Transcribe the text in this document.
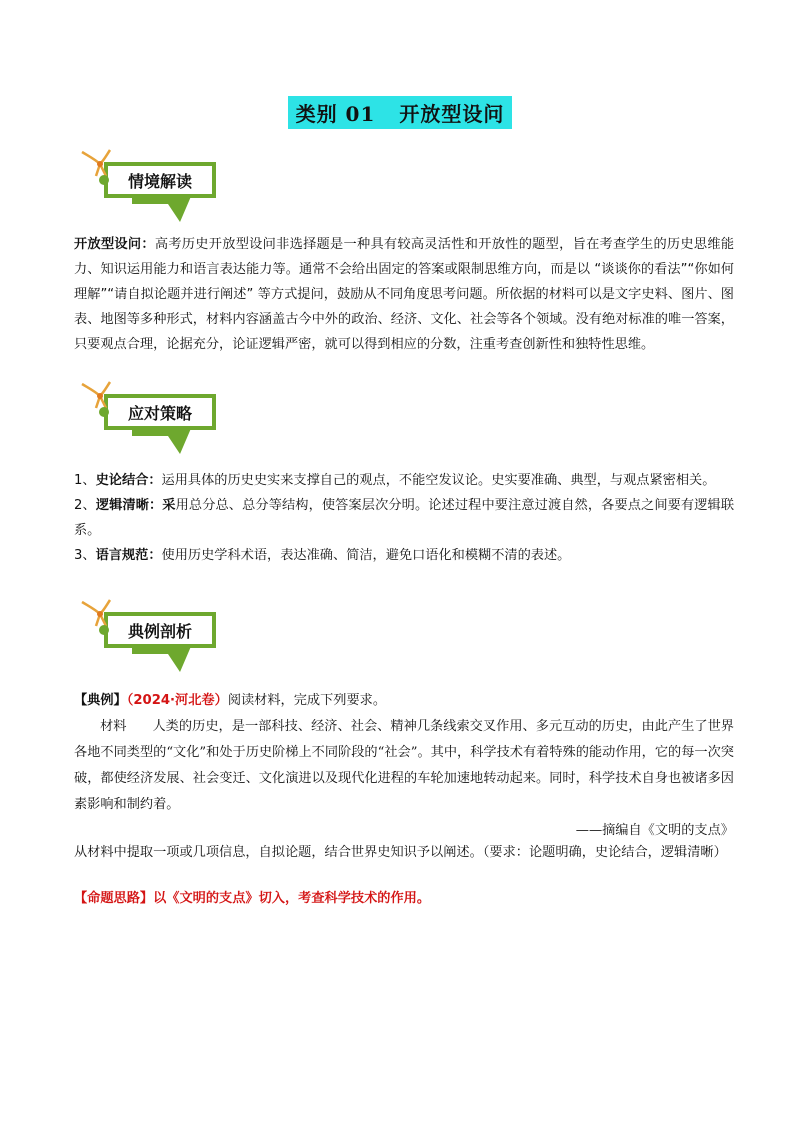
类别 01 开放型设问
情境解读
开放型设问：高考历史开放型设问非选择题是一种具有较高灵活性和开放性的题型，旨在考查学生的历史思维能力、知识运用能力和语言表达能力等。通常不会给出固定的答案或限制思维方向，而是以 “谈谈你的看法”“你如何理解”“请自拟论题并进行阐述” 等方式提问，鼓励从不同角度思考问题。所依据的材料可以是文字史料、图片、图表、地图等多种形式，材料内容涵盖古今中外的政治、经济、文化、社会等各个领域。没有绝对标准的唯一答案，只要观点合理，论据充分，论证逻辑严密，就可以得到相应的分数，注重考查创新性和独特性思维。
应对策略
1、史论结合：运用具体的历史史实来支撑自己的观点，不能空发议论。史实要准确、典型，与观点紧密相关。
2、逻辑清晰：采用总分总、总分等结构，使答案层次分明。论述过程中要注意过渡自然，各要点之间要有逻辑联系。
3、语言规范：使用历史学科术语，表达准确、简洁，避免口语化和模糊不清的表述。
典例剖析
【典例】（2024·河北卷）阅读材料，完成下列要求。
材料 人类的历史，是一部科技、经济、社会、精神几条线索交叉作用、多元互动的历史，由此产生了世界各地不同类型的“文化”和处于历史阶梯上不同阶段的“社会”。其中，科学技术有着特殊的能动作用，它的每一次突破，都使经济发展、社会变迁、文化演进以及现代化进程的车轮加速地转动起来。同时，科学技术自身也被诸多因素影响和制约着。
——摘编自《文明的支点》
从材料中提取一项或几项信息，自拟论题，结合世界史知识予以阐述。（要求：论题明确，史论结合，逻辑清晰）
【命题思路】以《文明的支点》切入，考查科学技术的作用。
